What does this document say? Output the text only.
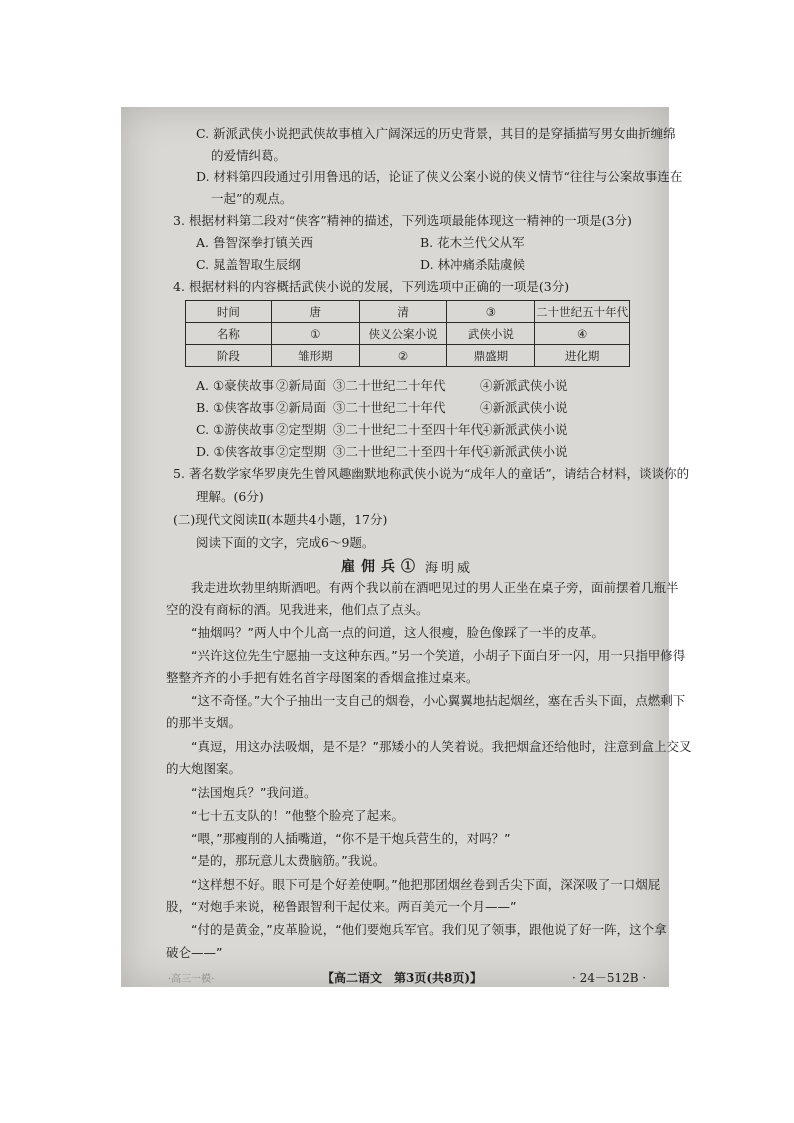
C. 新派武侠小说把武侠故事植入广阔深远的历史背景，其目的是穿插描写男女曲折缠绵
的爱情纠葛。
D. 材料第四段通过引用鲁迅的话，论证了侠义公案小说的侠义情节“往往与公案故事连在
一起”的观点。
3. 根据材料第二段对“侠客”精神的描述，下列选项最能体现这一精神的一项是(3分)
A. 鲁智深拳打镇关西	B. 花木兰代父从军
C. 晁盖智取生辰纲	D. 林冲痛杀陆虞候
4. 根据材料的内容概括武侠小说的发展，下列选项中正确的一项是(3分)
时间	唐	清	③	二十世纪五十年代
名称	①	侠义公案小说	武侠小说	④
阶段	雏形期	②	鼎盛期	进化期
A. ①豪侠故事 ②新局面 ③二十世纪二十年代	④新派武侠小说
B. ①侠客故事 ②新局面 ③二十世纪二十年代	④新派武侠小说
C. ①游侠故事 ②定型期 ③二十世纪二十至四十年代
④新派武侠小说
D. ①侠客故事 ②定型期 ③二十世纪二十至四十年代
④新派武侠小说
5. 著名数学家华罗庚先生曾风趣幽默地称武侠小说为“成年人的童话”，请结合材料，谈谈你的
理解。(6分)
(二)现代文阅读Ⅱ(本题共4小题，17分)
阅读下面的文字，完成6～9题。
雇佣兵① 海明威
我走进坎勃里纳斯酒吧。有两个我以前在酒吧见过的男人正坐在桌子旁，面前摆着几瓶半
空的没有商标的酒。见我进来，他们点了点头。
“抽烟吗？”两人中个儿高一点的问道，这人很瘦，脸色像踩了一半的皮革。
“兴许这位先生宁愿抽一支这种东西。”另一个笑道，小胡子下面白牙一闪，用一只指甲修得
整整齐齐的小手把有姓名首字母图案的香烟盒推过桌来。
“这不奇怪。”大个子抽出一支自己的烟卷，小心翼翼地拈起烟丝，塞在舌头下面，点燃剩下
的那半支烟。
“真逗，用这办法吸烟，是不是？”那矮小的人笑着说。我把烟盒还给他时，注意到盒上交叉
的大炮图案。
“法国炮兵？”我问道。
“七十五支队的！”他整个脸亮了起来。
“喂，”那瘦削的人插嘴道，“你不是干炮兵营生的，对吗？”
“是的，那玩意儿太费脑筋。”我说。
“这样想不好。眼下可是个好差使啊。”他把那团烟丝卷到舌尖下面，深深吸了一口烟屁
股，“对炮手来说，秘鲁跟智利干起仗来。两百美元一个月——”
“付的是黄金，”皮革脸说，“他们要炮兵军官。我们见了领事，跟他说了好一阵，这个拿
破仑——”
·高三一模·	【高二语文　第3页(共8页)】	· 24－512B ·
